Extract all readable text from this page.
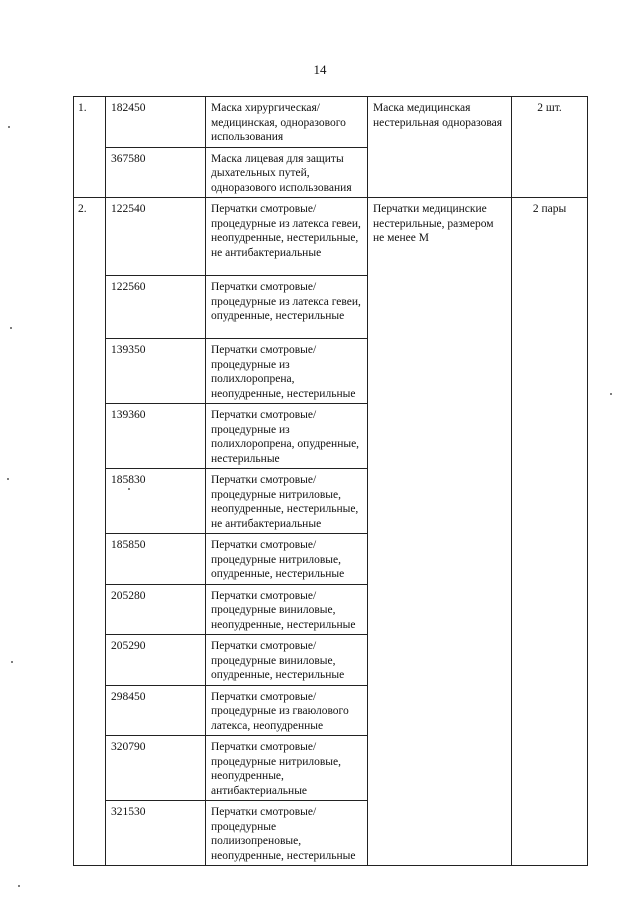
14
1.	182450	Маска хирургическая/ медицинская, одноразового использования	Маска медицинская нестерильная одноразовая	2 шт.
	367580	Маска лицевая для защиты дыхательных путей, одноразового использования		
2.	122540	Перчатки смотровые/ процедурные из латекса гевеи, неопудренные, нестерильные, не антибактериальные	Перчатки медицинские нестерильные, размером не менее М	2 пары
	122560	Перчатки смотровые/ процедурные из латекса гевеи, опудренные, нестерильные		
	139350	Перчатки смотровые/ процедурные из полихлоропрена, неопудренные, нестерильные		
	139360	Перчатки смотровые/ процедурные из полихлоропрена, опудренные, нестерильные		
	185830	Перчатки смотровые/ процедурные нитриловые, неопудренные, нестерильные, не антибактериальные		
	185850	Перчатки смотровые/ процедурные нитриловые, опудренные, нестерильные		
	205280	Перчатки смотровые/ процедурные виниловые, неопудренные, нестерильные		
	205290	Перчатки смотровые/ процедурные виниловые, опудренные, нестерильные		
	298450	Перчатки смотровые/ процедурные из гваюлового латекса, неопудренные		
	320790	Перчатки смотровые/ процедурные нитриловые, неопудренные, антибактериальные		
	321530	Перчатки смотровые/ процедурные полиизопреновые, неопудренные, нестерильные		
